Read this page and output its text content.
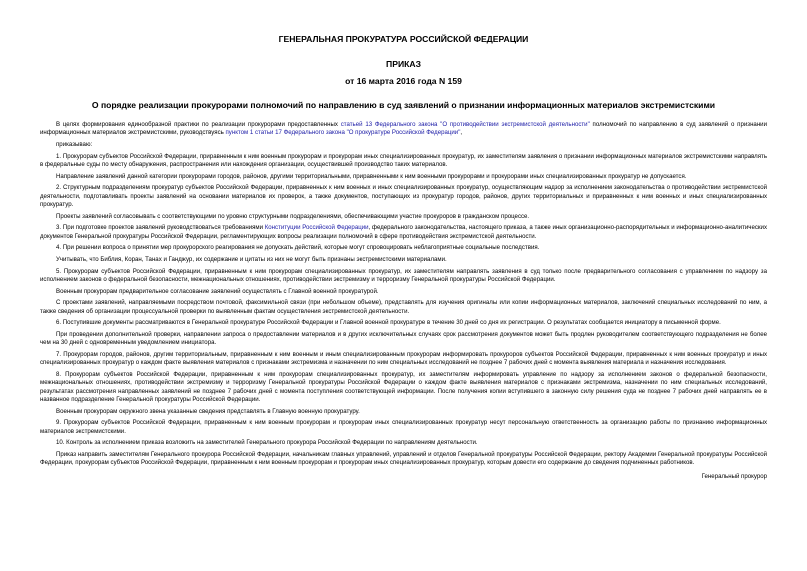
ГЕНЕРАЛЬНАЯ ПРОКУРАТУРА РОССИЙСКОЙ ФЕДЕРАЦИИ
ПРИКАЗ
от 16 марта 2016 года N 159
О порядке реализации прокурорами полномочий по направлению в суд заявлений о признании информационных материалов экстремистскими

В целях формирования единообразной практики по реализации прокурорами предоставленных статьей 13 Федерального закона "О противодействии экстремистской деятельности" полномочий по направлению в суд заявлений о признании информационных материалов экстремистскими, руководствуясь пунктом 1 статьи 17 Федерального закона "О прокуратуре Российской Федерации",

приказываю:

1. Прокурорам субъектов Российской Федерации, приравненным к ним военным прокурорам и прокурорам иных специализированных прокуратур, их заместителям заявления о признании информационных материалов экстремистскими направлять в федеральные суды по месту обнаружения, распространения или нахождения организации, осуществившей производство таких материалов.

Направление заявлений данной категории прокурорами городов, районов, другими территориальными, приравненными к ним военными прокурорами и прокурорами иных специализированных прокуратур не допускается.

2. Структурным подразделениям прокуратур субъектов Российской Федерации, приравненных к ним военных и иных специализированных прокуратур, осуществляющим надзор за исполнением законодательства о противодействии экстремистской деятельности, подготавливать проекты заявлений на основании материалов их проверок, а также документов, поступающих из прокуратур городов, районов, других территориальных и приравненных к ним военных и иных специализированных прокуратур.

Проекты заявлений согласовывать с соответствующими по уровню структурными подразделениями, обеспечивающими участие прокуроров в гражданском процессе.

3. При подготовке проектов заявлений руководствоваться требованиями Конституции Российской Федерации, федерального законодательства, настоящего приказа, а также иных организационно-распорядительных и информационно-аналитических документов Генеральной прокуратуры Российской Федерации, регламентирующих вопросы реализации полномочий в сфере противодействия экстремистской деятельности.

4. При решении вопроса о принятии мер прокурорского реагирования не допускать действий, которые могут спровоцировать неблагоприятные социальные последствия.

Учитывать, что Библия, Коран, Танах и Ганджур, их содержание и цитаты из них не могут быть признаны экстремистскими материалами.

5. Прокурорам субъектов Российской Федерации, приравненным к ним прокурорам специализированных прокуратур, их заместителям направлять заявления в суд только после предварительного согласования с управлением по надзору за исполнением законов о федеральной безопасности, межнациональных отношениях, противодействии экстремизму и терроризму Генеральной прокуратуры Российской Федерации.

Военным прокурорам предварительное согласование заявлений осуществлять с Главной военной прокуратурой.

С проектами заявлений, направляемыми посредством почтовой, факсимильной связи (при небольшом объеме), представлять для изучения оригиналы или копии информационных материалов, заключений специальных исследований по ним, а также сведения об организации процессуальной проверки по выявленным фактам осуществления экстремистской деятельности.

6. Поступившие документы рассматриваются в Генеральной прокуратуре Российской Федерации и Главной военной прокуратуре в течение 30 дней со дня их регистрации. О результатах сообщается инициатору в письменной форме.

При проведении дополнительной проверки, направлении запроса о предоставлении материалов и в других исключительных случаях срок рассмотрения документов может быть продлен руководителем соответствующего подразделения не более чем на 30 дней с одновременным уведомлением инициатора.

7. Прокурорам городов, районов, другим территориальным, приравненным к ним военным и иным специализированным прокурорам информировать прокуроров субъектов Российской Федерации, приравненных к ним военных прокуратур и иных специализированных прокуратур о каждом факте выявления материалов с признаками экстремизма и назначении по ним специальных исследований не позднее 7 рабочих дней с момента выявления материала и назначения исследования.

8. Прокурорам субъектов Российской Федерации, приравненным к ним прокурорам специализированных прокуратур, их заместителям информировать управление по надзору за исполнением законов о федеральной безопасности, межнациональных отношениях, противодействии экстремизму и терроризму Генеральной прокуратуры Российской Федерации о каждом факте выявления материалов с признаками экстремизма, назначении по ним специальных исследований, результатах рассмотрения направленных заявлений не позднее 7 рабочих дней с момента поступления соответствующей информации. После получения копии вступившего в законную силу решения суда не позднее 7 рабочих дней направлять ее в названное подразделение Генеральной прокуратуры Российской Федерации.

Военным прокурорам окружного звена указанные сведения представлять в Главную военную прокуратуру.

9. Прокурорам субъектов Российской Федерации, приравненным к ним военным прокурорам и прокурорам иных специализированных прокуратур несут персональную ответственность за организацию работы по признанию информационных материалов экстремистскими.

10. Контроль за исполнением приказа возложить на заместителей Генерального прокурора Российской Федерации по направлениям деятельности.

Приказ направить заместителям Генерального прокурора Российской Федерации, начальникам главных управлений, управлений и отделов Генеральной прокуратуры Российской Федерации, ректору Академии Генеральной прокуратуры Российской Федерации, прокурорам субъектов Российской Федерации, приравненным к ним военным прокурорам и прокурорам иных специализированных прокуратур, которым довести его содержание до сведения подчиненных работников.

Генеральный прокурор
